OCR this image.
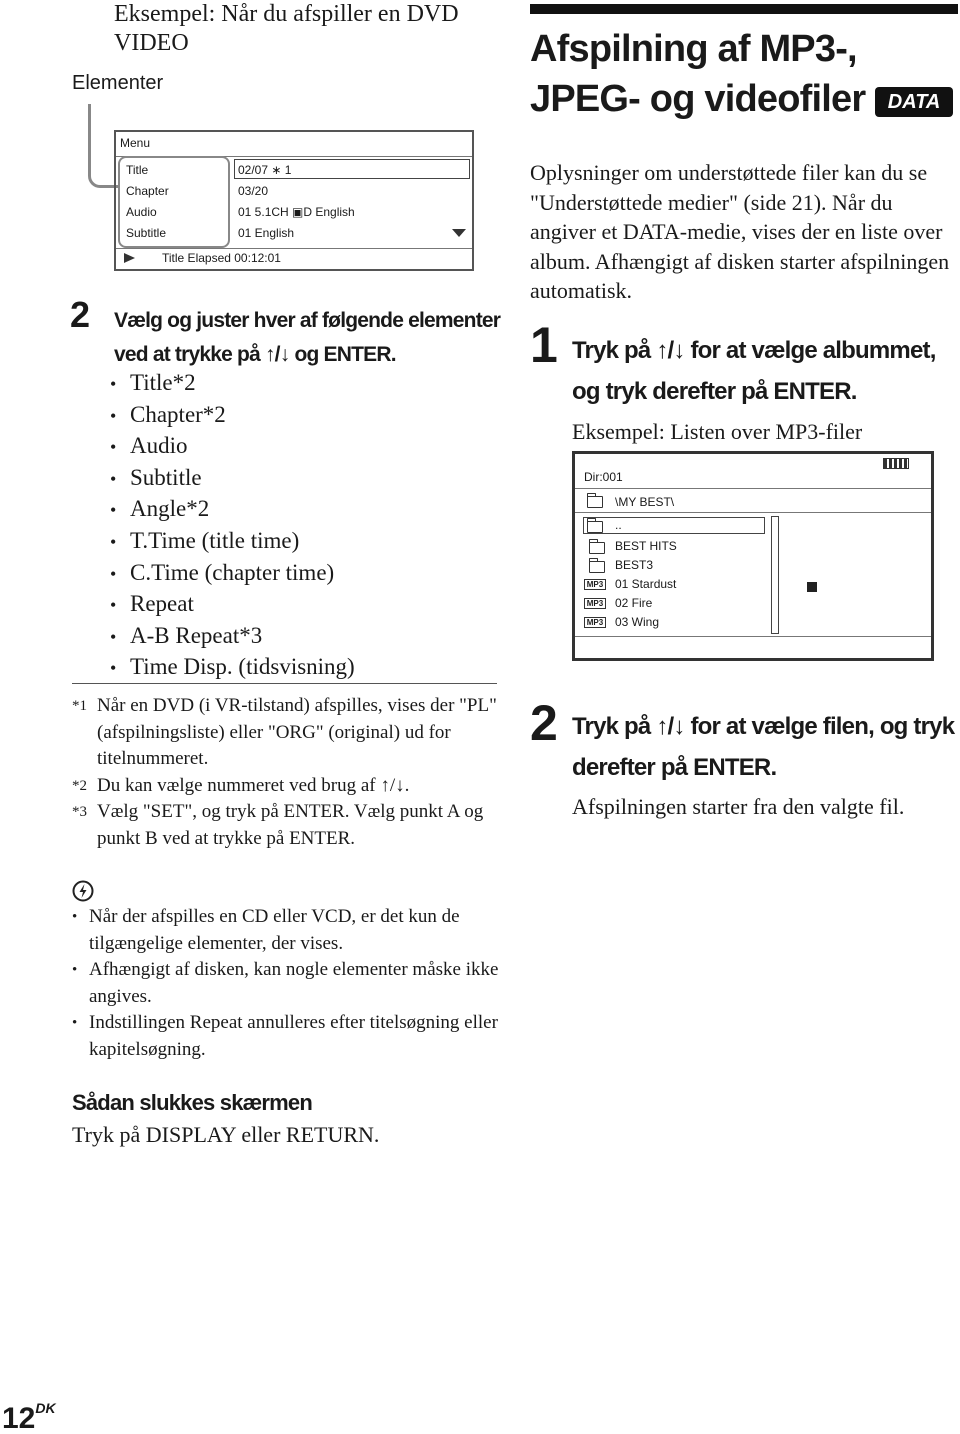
Eksempel: Når du afspiller en DVD VIDEO
Elementer
Menu
Title	02/07 ∗ 1
Chapter	03/20
Audio	01 5.1CH ▣D English
Subtitle	01 English
Title Elapsed 00:12:01
2 Vælg og juster hver af følgende elementer ved at trykke på ↑/↓ og ENTER.
• Title*2
• Chapter*2
• Audio
• Subtitle
• Angle*2
• T.Time (title time)
• C.Time (chapter time)
• Repeat
• A-B Repeat*3
• Time Disp. (tidsvisning)
*1 Når en DVD (i VR-tilstand) afspilles, vises der "PL" (afspilningsliste) eller "ORG" (original) ud for titelnummeret.
*2 Du kan vælge nummeret ved brug af ↑/↓.
*3 Vælg "SET", og tryk på ENTER. Vælg punkt A og punkt B ved at trykke på ENTER.
• Når der afspilles en CD eller VCD, er det kun de tilgængelige elementer, der vises.
• Afhængigt af disken, kan nogle elementer måske ikke angives.
• Indstillingen Repeat annulleres efter titelsøgning eller kapitelsøgning.
Sådan slukkes skærmen
Tryk på DISPLAY eller RETURN.
$12^{DK}$
Afspilning af MP3-, JPEG- og videofiler DATA
Oplysninger om understøttede filer kan du se "Understøttede medier" (side 21). Når du angiver et DATA-medie, vises der en liste over album. Afhængigt af disken starter afspilningen automatisk.
1 Tryk på ↑/↓ for at vælge albummet, og tryk derefter på ENTER.
Eksempel: Listen over MP3-filer
Dir:001
\MY BEST\
..
BEST HITS
BEST3
MP3 01 Stardust
MP3 02 Fire
MP3 03 Wing
2 Tryk på ↑/↓ for at vælge filen, og tryk derefter på ENTER.
Afspilningen starter fra den valgte fil.
